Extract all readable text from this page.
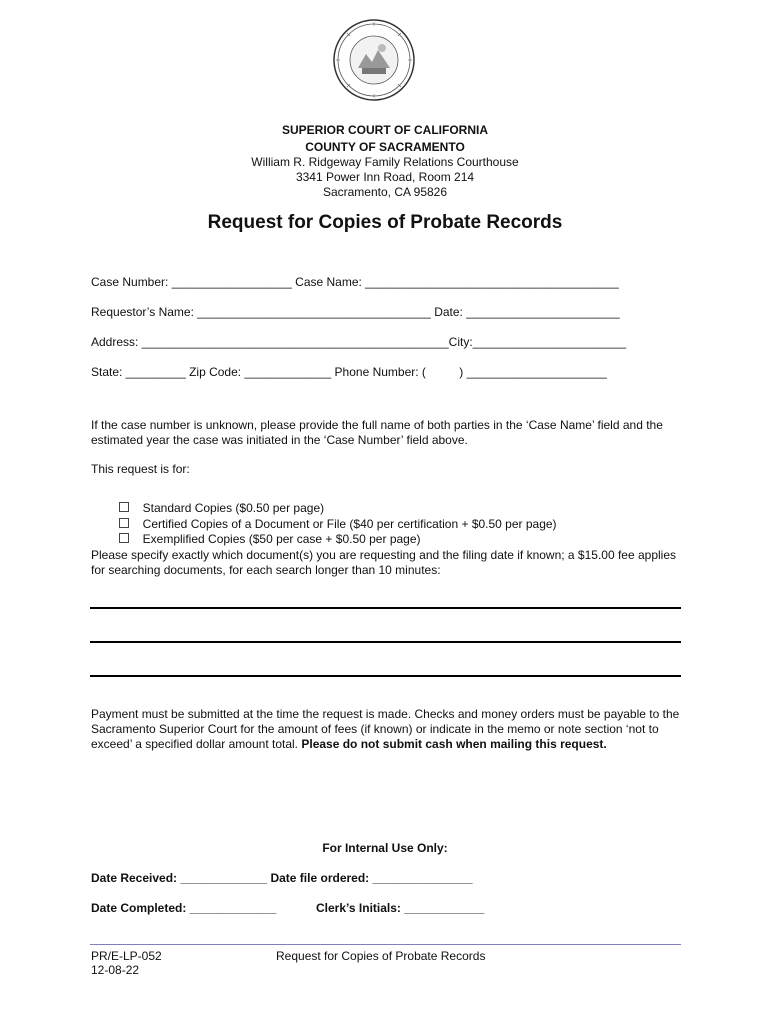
SUPERIOR COURT OF CALIFORNIA
COUNTY OF SACRAMENTO
William R. Ridgeway Family Relations Courthouse
3341 Power Inn Road, Room 214
Sacramento, CA 95826
Request for Copies of Probate Records
Case Number: __________________ Case Name: ______________________________________
Requestor’s Name: ___________________________________ Date: _______________________
Address: ______________________________________________City:_______________________
State: _________ Zip Code: _____________ Phone Number: (          ) _____________________
If the case number is unknown, please provide the full name of both parties in the ‘Case Name’ field and the estimated year the case was initiated in the ‘Case Number’ field above.
This request is for:

Standard Copies ($0.50 per page)

Certified Copies of a Document or File ($40 per certification + $0.50 per page)

Exemplified Copies ($50 per case + $0.50 per page)

Please specify exactly which document(s) you are requesting and the filing date if known; a $15.00 fee applies for searching documents, for each search longer than 10 minutes:
Payment must be submitted at the time the request is made. Checks and money orders must be payable to the Sacramento Superior Court for the amount of fees (if known) or indicate in the memo or note section ‘not to exceed’ a specified dollar amount total. Please do not submit cash when mailing this request.
For Internal Use Only:
Date Received: _____________ Date file ordered: _______________
Date Completed: _____________	Clerk’s Initials: ____________
PR/E-LP-052
12-08-22
Request for Copies of Probate Records
